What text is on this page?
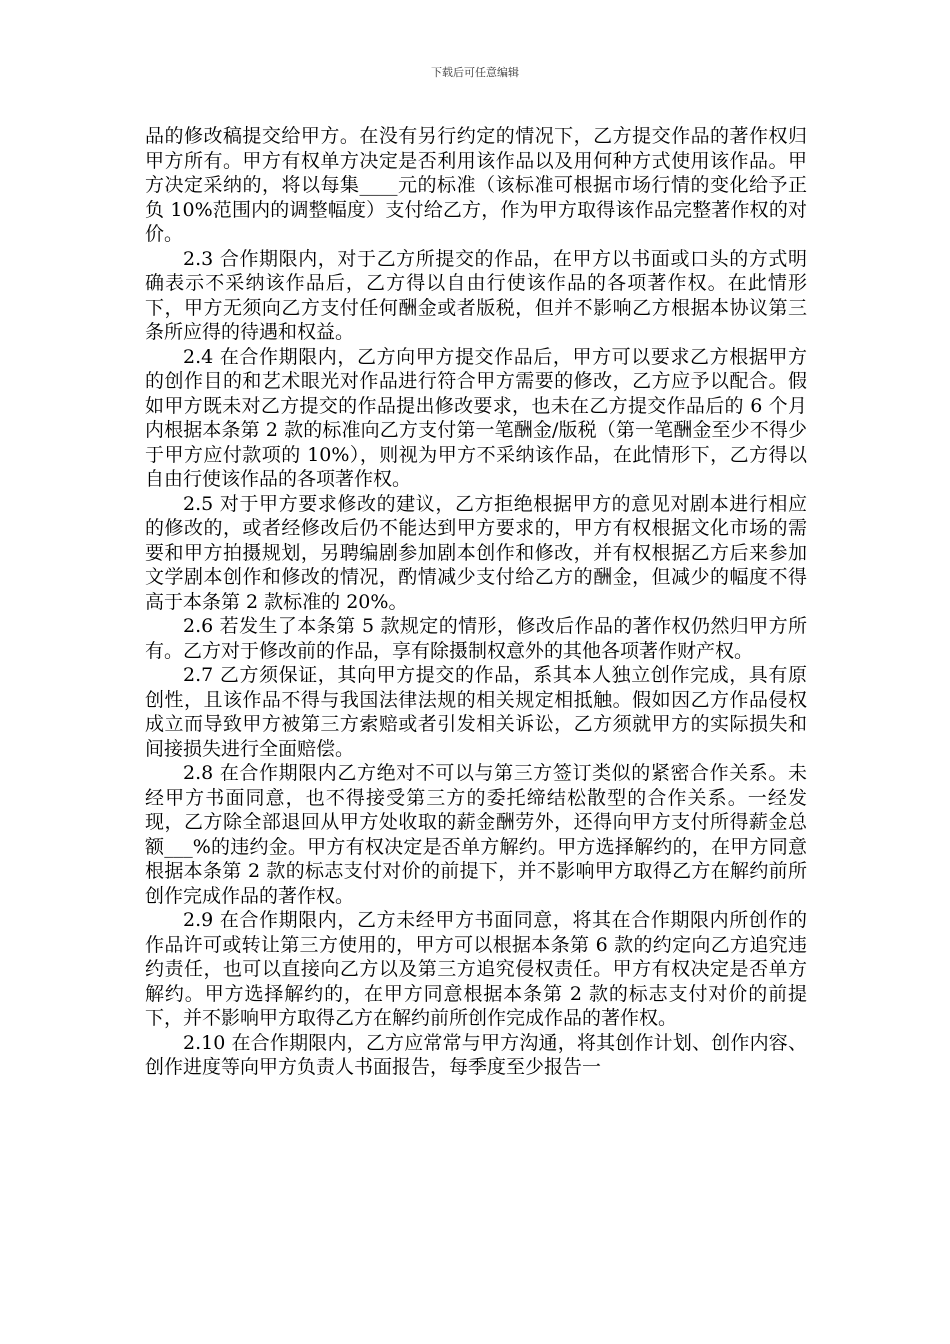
下载后可任意编辑

品的修改稿提交给甲方。在没有另行约定的情况下，乙方提交作品的著作权归甲方所有。甲方有权单方决定是否利用该作品以及用何种方式使用该作品。甲方决定采纳的，将以每集____元的标准（该标准可根据市场行情的变化给予正负 10%范围内的调整幅度）支付给乙方，作为甲方取得该作品完整著作权的对价。

2.3 合作期限内，对于乙方所提交的作品，在甲方以书面或口头的方式明确表示不采纳该作品后，乙方得以自由行使该作品的各项著作权。在此情形下，甲方无须向乙方支付任何酬金或者版税，但并不影响乙方根据本协议第三条所应得的待遇和权益。

2.4 在合作期限内，乙方向甲方提交作品后，甲方可以要求乙方根据甲方的创作目的和艺术眼光对作品进行符合甲方需要的修改，乙方应予以配合。假如甲方既未对乙方提交的作品提出修改要求，也未在乙方提交作品后的 6 个月内根据本条第 2 款的标准向乙方支付第一笔酬金/版税（第一笔酬金至少不得少于甲方应付款项的 10%），则视为甲方不采纳该作品，在此情形下，乙方得以自由行使该作品的各项著作权。

2.5 对于甲方要求修改的建议，乙方拒绝根据甲方的意见对剧本进行相应的修改的，或者经修改后仍不能达到甲方要求的，甲方有权根据文化市场的需要和甲方拍摄规划，另聘编剧参加剧本创作和修改，并有权根据乙方后来参加文学剧本创作和修改的情况，酌情减少支付给乙方的酬金，但减少的幅度不得高于本条第 2 款标准的 20%。

2.6 若发生了本条第 5 款规定的情形，修改后作品的著作权仍然归甲方所有。乙方对于修改前的作品，享有除摄制权意外的其他各项著作财产权。

2.7 乙方须保证，其向甲方提交的作品，系其本人独立创作完成，具有原创性，且该作品不得与我国法律法规的相关规定相抵触。假如因乙方作品侵权成立而导致甲方被第三方索赔或者引发相关诉讼，乙方须就甲方的实际损失和间接损失进行全面赔偿。

2.8 在合作期限内乙方绝对不可以与第三方签订类似的紧密合作关系。未经甲方书面同意，也不得接受第三方的委托缔结松散型的合作关系。一经发现，乙方除全部退回从甲方处收取的薪金酬劳外，还得向甲方支付所得薪金总额___%的违约金。甲方有权决定是否单方解约。甲方选择解约的，在甲方同意根据本条第 2 款的标志支付对价的前提下，并不影响甲方取得乙方在解约前所创作完成作品的著作权。

2.9 在合作期限内，乙方未经甲方书面同意，将其在合作期限内所创作的作品许可或转让第三方使用的，甲方可以根据本条第 6 款的约定向乙方追究违约责任，也可以直接向乙方以及第三方追究侵权责任。甲方有权决定是否单方解约。甲方选择解约的，在甲方同意根据本条第 2 款的标志支付对价的前提下，并不影响甲方取得乙方在解约前所创作完成作品的著作权。

2.10 在合作期限内，乙方应常常与甲方沟通，将其创作计划、创作内容、创作进度等向甲方负责人书面报告，每季度至少报告一
